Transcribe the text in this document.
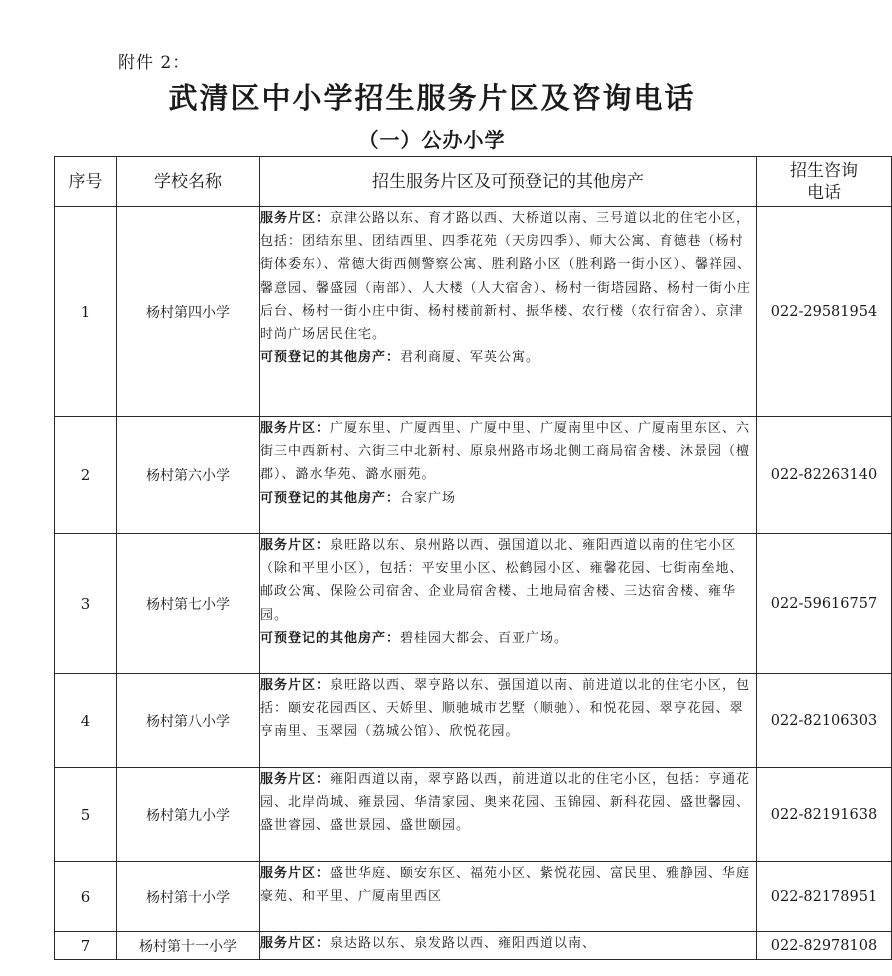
附件 2：
武清区中小学招生服务片区及咨询电话
（一）公办小学
序号	学校名称	招生服务片区及可预登记的其他房产	招生咨询
电话
1	杨村第四小学	服务片区：京津公路以东、育才路以西、大桥道以南、三号道以北的住宅小区，包括：团结东里、团结西里、四季花苑（天房四季）、师大公寓、育德巷（杨村街体委东）、常德大街西侧警察公寓、胜利路小区（胜利路一街小区）、馨祥园、馨意园、馨盛园（南部）、人大楼（人大宿舍）、杨村一街塔园路、杨村一街小庄后台、杨村一街小庄中街、杨村楼前新村、振华楼、农行楼（农行宿舍）、京津时尚广场居民住宅。
可预登记的其他房产：君利商厦、军英公寓。	022-29581954
2	杨村第六小学	服务片区：广厦东里、广厦西里、广厦中里、广厦南里中区、广厦南里东区、六街三中西新村、六街三中北新村、原泉州路市场北侧工商局宿舍楼、沐景园（檀郡）、潞水华苑、潞水丽苑。
可预登记的其他房产：合家广场	022-82263140
3	杨村第七小学	服务片区：泉旺路以东、泉州路以西、强国道以北、雍阳西道以南的住宅小区（除和平里小区），包括：平安里小区、松鹤园小区、雍馨花园、七街南垒地、邮政公寓、保险公司宿舍、企业局宿舍楼、土地局宿舍楼、三达宿舍楼、雍华园。
可预登记的其他房产：碧桂园大都会、百亚广场。	022-59616757
4	杨村第八小学	服务片区：泉旺路以西、翠亨路以东、强国道以南、前进道以北的住宅小区，包括：颐安花园西区、天娇里、顺驰城市艺墅（顺驰）、和悦花园、翠亨花园、翠亨南里、玉翠园（荔城公馆）、欣悦花园。	022-82106303
5	杨村第九小学	服务片区：雍阳西道以南，翠亨路以西，前进道以北的住宅小区，包括：亨通花园、北岸尚城、雍景园、华清家园、奥来花园、玉锦园、新科花园、盛世馨园、盛世睿园、盛世景园、盛世颐园。	022-82191638
6	杨村第十小学	服务片区：盛世华庭、颐安东区、福苑小区、紫悦花园、富民里、雅静园、华庭豪苑、和平里、广厦南里西区	022-82178951
7	杨村第十一小学	服务片区：泉达路以东、泉发路以西、雍阳西道以南、	022-82978108
